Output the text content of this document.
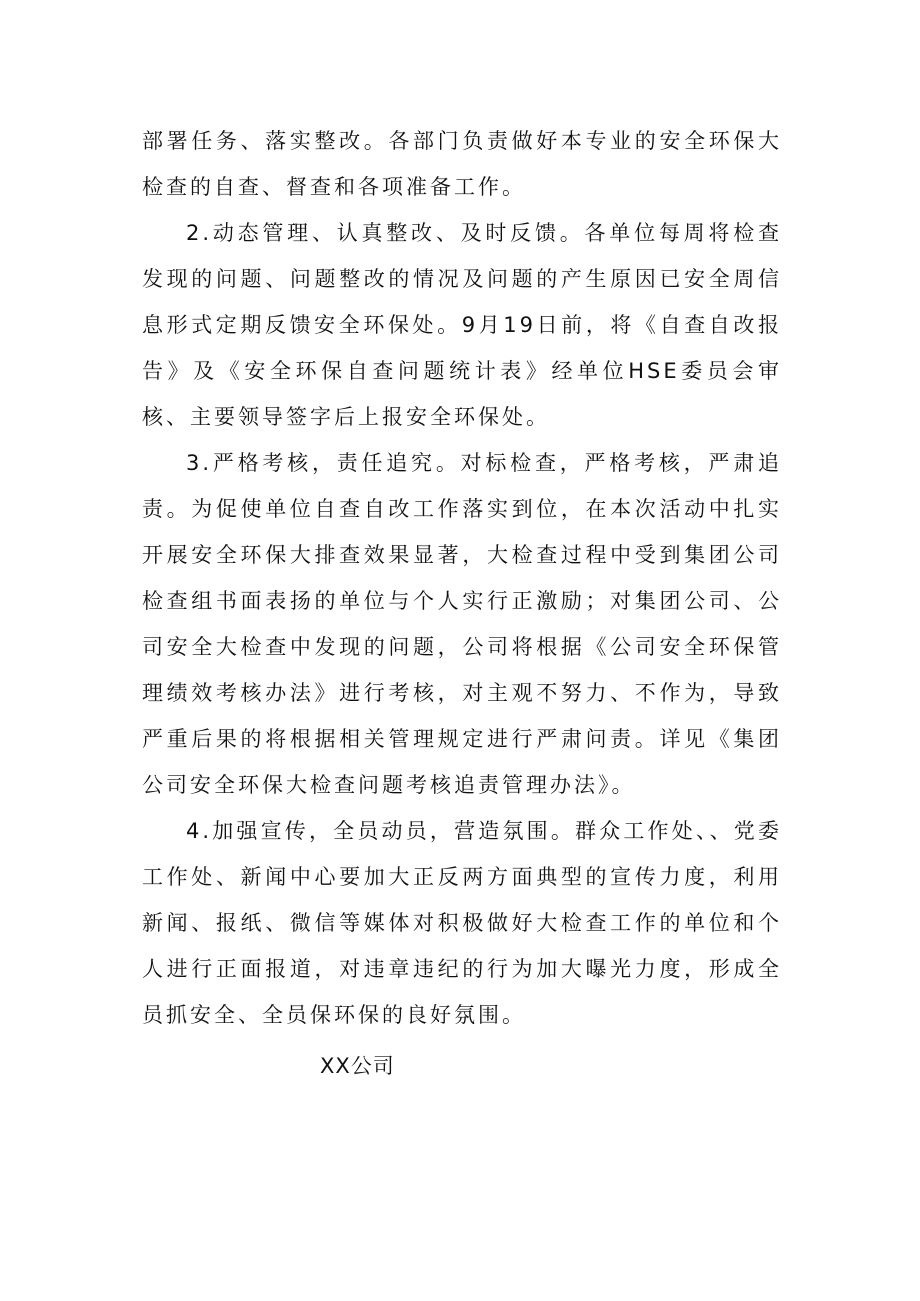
部署任务、落实整改。各部门负责做好本专业的安全环保大检查的自查、督查和各项准备工作。

2.动态管理、认真整改、及时反馈。各单位每周将检查发现的问题、问题整改的情况及问题的产生原因已安全周信息形式定期反馈安全环保处。9月19日前，将《自查自改报告》及《安全环保自查问题统计表》经单位HSE委员会审核、主要领导签字后上报安全环保处。

3.严格考核，责任追究。对标检查，严格考核，严肃追责。为促使单位自查自改工作落实到位，在本次活动中扎实开展安全环保大排查效果显著，大检查过程中受到集团公司检查组书面表扬的单位与个人实行正激励；对集团公司、公司安全大检查中发现的问题，公司将根据《公司安全环保管理绩效考核办法》进行考核，对主观不努力、不作为，导致严重后果的将根据相关管理规定进行严肃问责。详见《集团公司安全环保大检查问题考核追责管理办法》。

4.加强宣传，全员动员，营造氛围。群众工作处、、党委工作处、新闻中心要加大正反两方面典型的宣传力度，利用新闻、报纸、微信等媒体对积极做好大检查工作的单位和个人进行正面报道，对违章违纪的行为加大曝光力度，形成全员抓安全、全员保环保的良好氛围。

XX公司
